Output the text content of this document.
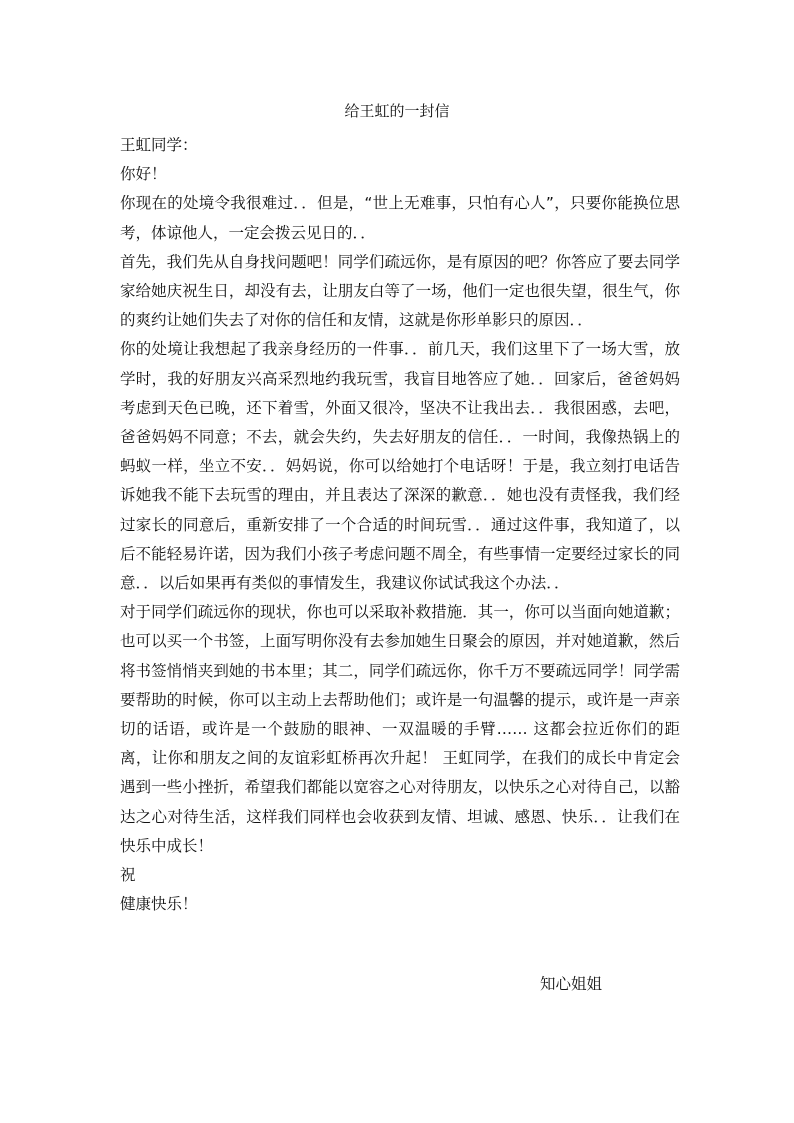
给王虹的一封信

王虹同学：

你好！

你现在的处境令我很难过．．但是，“世上无难事，只怕有心人”，只要你能换位思考，体谅他人，一定会拨云见日的．．

首先，我们先从自身找问题吧！同学们疏远你，是有原因的吧？你答应了要去同学家给她庆祝生日，却没有去，让朋友白等了一场，他们一定也很失望，很生气，你的爽约让她们失去了对你的信任和友情，这就是你形单影只的原因．．

你的处境让我想起了我亲身经历的一件事．．前几天，我们这里下了一场大雪，放学时，我的好朋友兴高采烈地约我玩雪，我盲目地答应了她．．回家后，爸爸妈妈考虑到天色已晚，还下着雪，外面又很冷，坚决不让我出去．．我很困惑，去吧，爸爸妈妈不同意；不去，就会失约，失去好朋友的信任．．一时间，我像热锅上的蚂蚁一样，坐立不安．．妈妈说，你可以给她打个电话呀！于是，我立刻打电话告诉她我不能下去玩雪的理由，并且表达了深深的歉意．．她也没有责怪我，我们经过家长的同意后，重新安排了一个合适的时间玩雪．．通过这件事，我知道了，以后不能轻易许诺，因为我们小孩子考虑问题不周全，有些事情一定要经过家长的同意．．以后如果再有类似的事情发生，我建议你试试我这个办法．．

对于同学们疏远你的现状，你也可以采取补救措施．其一，你可以当面向她道歉；也可以买一个书签，上面写明你没有去参加她生日聚会的原因，并对她道歉，然后将书签悄悄夹到她的书本里；其二，同学们疏远你，你千万不要疏远同学！同学需要帮助的时候，你可以主动上去帮助他们；或许是一句温馨的提示，或许是一声亲切的话语，或许是一个鼓励的眼神、一双温暖的手臂…… 这都会拉近你们的距离，让你和朋友之间的友谊彩虹桥再次升起！ 王虹同学，在我们的成长中肯定会遇到一些小挫折，希望我们都能以宽容之心对待朋友，以快乐之心对待自己，以豁达之心对待生活，这样我们同样也会收获到友情、坦诚、感恩、快乐．．让我们在快乐中成长！

祝

健康快乐！

知心姐姐
